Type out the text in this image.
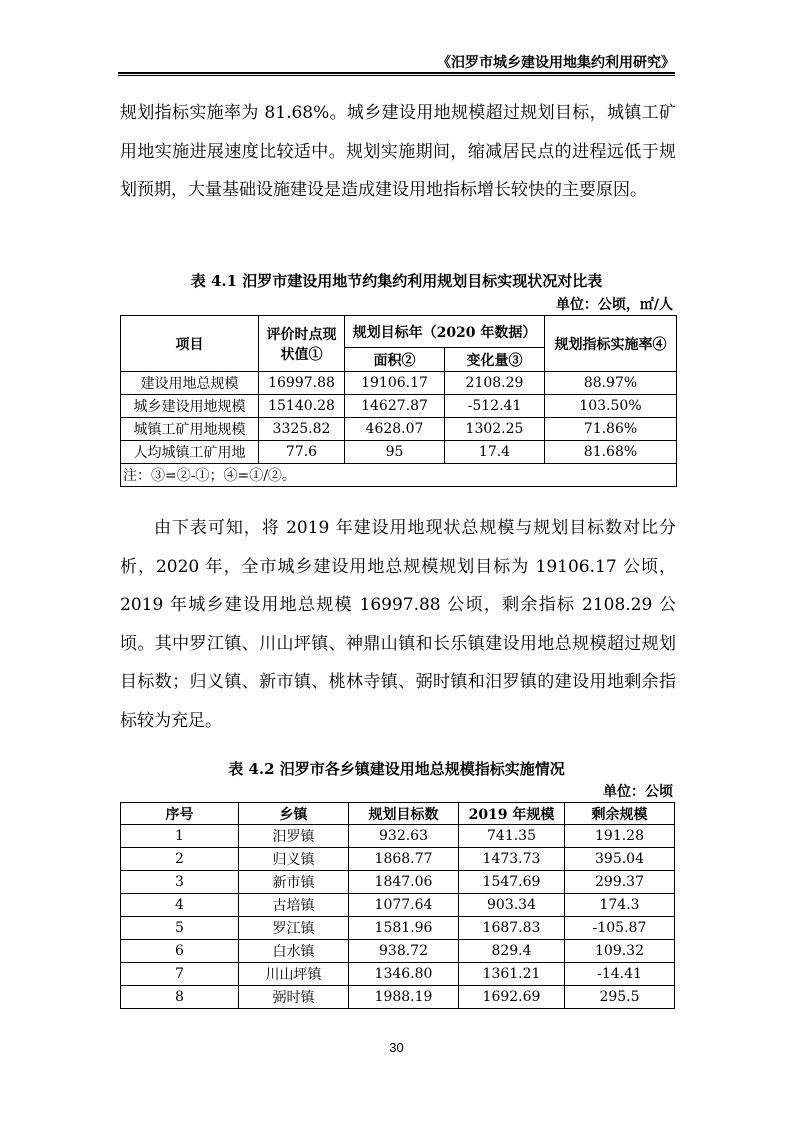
《汨罗市城乡建设用地集约利用研究》

规划指标实施率为 81.68%。城乡建设用地规模超过规划目标，城镇工矿用地实施进展速度比较适中。规划实施期间，缩减居民点的进程远低于规划预期，大量基础设施建设是造成建设用地指标增长较快的主要原因。

表 4.1 汨罗市建设用地节约集约利用规划目标实现状况对比表
单位：公顷，㎡/人
项目	评价时点现状值①	规划目标年（2020 年数据）		规划指标实施率④
		面积②	变化量③	
建设用地总规模	16997.88	19106.17	2108.29	88.97%
城乡建设用地规模	15140.28	14627.87	-512.41	103.50%
城镇工矿用地规模	3325.82	4628.07	1302.25	71.86%
人均城镇工矿用地	77.6	95	17.4	81.68%
注：③=②-①；④=①/②。				

由下表可知，将 2019 年建设用地现状总规模与规划目标数对比分析，2020 年，全市城乡建设用地总规模规划目标为 19106.17 公顷，2019 年城乡建设用地总规模 16997.88 公顷，剩余指标 2108.29 公顷。其中罗江镇、川山坪镇、神鼎山镇和长乐镇建设用地总规模超过规划目标数；归义镇、新市镇、桃林寺镇、弼时镇和汨罗镇的建设用地剩余指标较为充足。

表 4.2 汨罗市各乡镇建设用地总规模指标实施情况
单位：公顷
序号	乡镇	规划目标数	2019 年规模	剩余规模
1	汨罗镇	932.63	741.35	191.28
2	归义镇	1868.77	1473.73	395.04
3	新市镇	1847.06	1547.69	299.37
4	古培镇	1077.64	903.34	174.3
5	罗江镇	1581.96	1687.83	-105.87
6	白水镇	938.72	829.4	109.32
7	川山坪镇	1346.80	1361.21	-14.41
8	弼时镇	1988.19	1692.69	295.5
30
